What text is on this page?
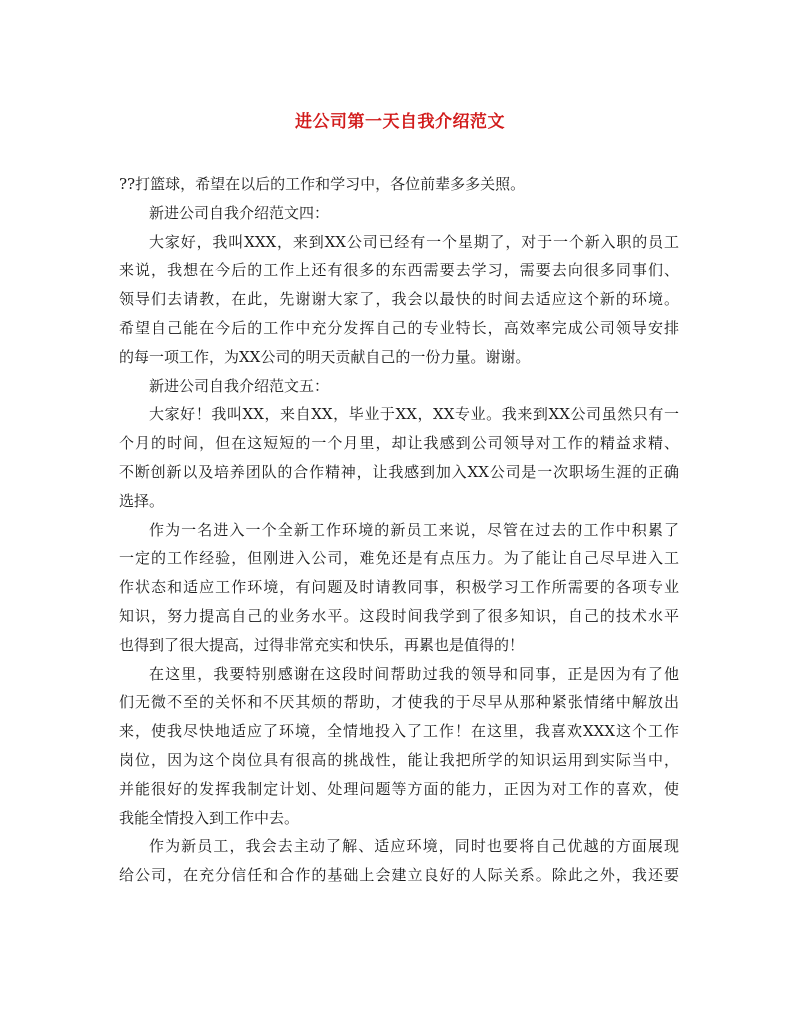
进公司第一天自我介绍范文
??打篮球，希望在以后的工作和学习中，各位前辈多多关照。
新进公司自我介绍范文四：
大家好，我叫XXX，来到XX公司已经有一个星期了，对于一个新入职的员工
来说，我想在今后的工作上还有很多的东西需要去学习，需要去向很多同事们、
领导们去请教，在此，先谢谢大家了，我会以最快的时间去适应这个新的环境。
希望自己能在今后的工作中充分发挥自己的专业特长，高效率完成公司领导安排
的每一项工作，为XX公司的明天贡献自己的一份力量。谢谢。
新进公司自我介绍范文五：
大家好！我叫XX，来自XX，毕业于XX，XX专业。我来到XX公司虽然只有一
个月的时间，但在这短短的一个月里，却让我感到公司领导对工作的精益求精、
不断创新以及培养团队的合作精神，让我感到加入XX公司是一次职场生涯的正确
选择。
作为一名进入一个全新工作环境的新员工来说，尽管在过去的工作中积累了
一定的工作经验，但刚进入公司，难免还是有点压力。为了能让自己尽早进入工
作状态和适应工作环境，有问题及时请教同事，积极学习工作所需要的各项专业
知识，努力提高自己的业务水平。这段时间我学到了很多知识，自己的技术水平
也得到了很大提高，过得非常充实和快乐，再累也是值得的！
在这里，我要特别感谢在这段时间帮助过我的领导和同事，正是因为有了他
们无微不至的关怀和不厌其烦的帮助，才使我的于尽早从那种紧张情绪中解放出
来，使我尽快地适应了环境，全情地投入了工作！在这里，我喜欢XXX这个工作
岗位，因为这个岗位具有很高的挑战性，能让我把所学的知识运用到实际当中，
并能很好的发挥我制定计划、处理问题等方面的能力，正因为对工作的喜欢，使
我能全情投入到工作中去。
作为新员工，我会去主动了解、适应环境，同时也要将自己优越的方面展现
给公司，在充分信任和合作的基础上会建立良好的人际关系。除此之外，我还要
